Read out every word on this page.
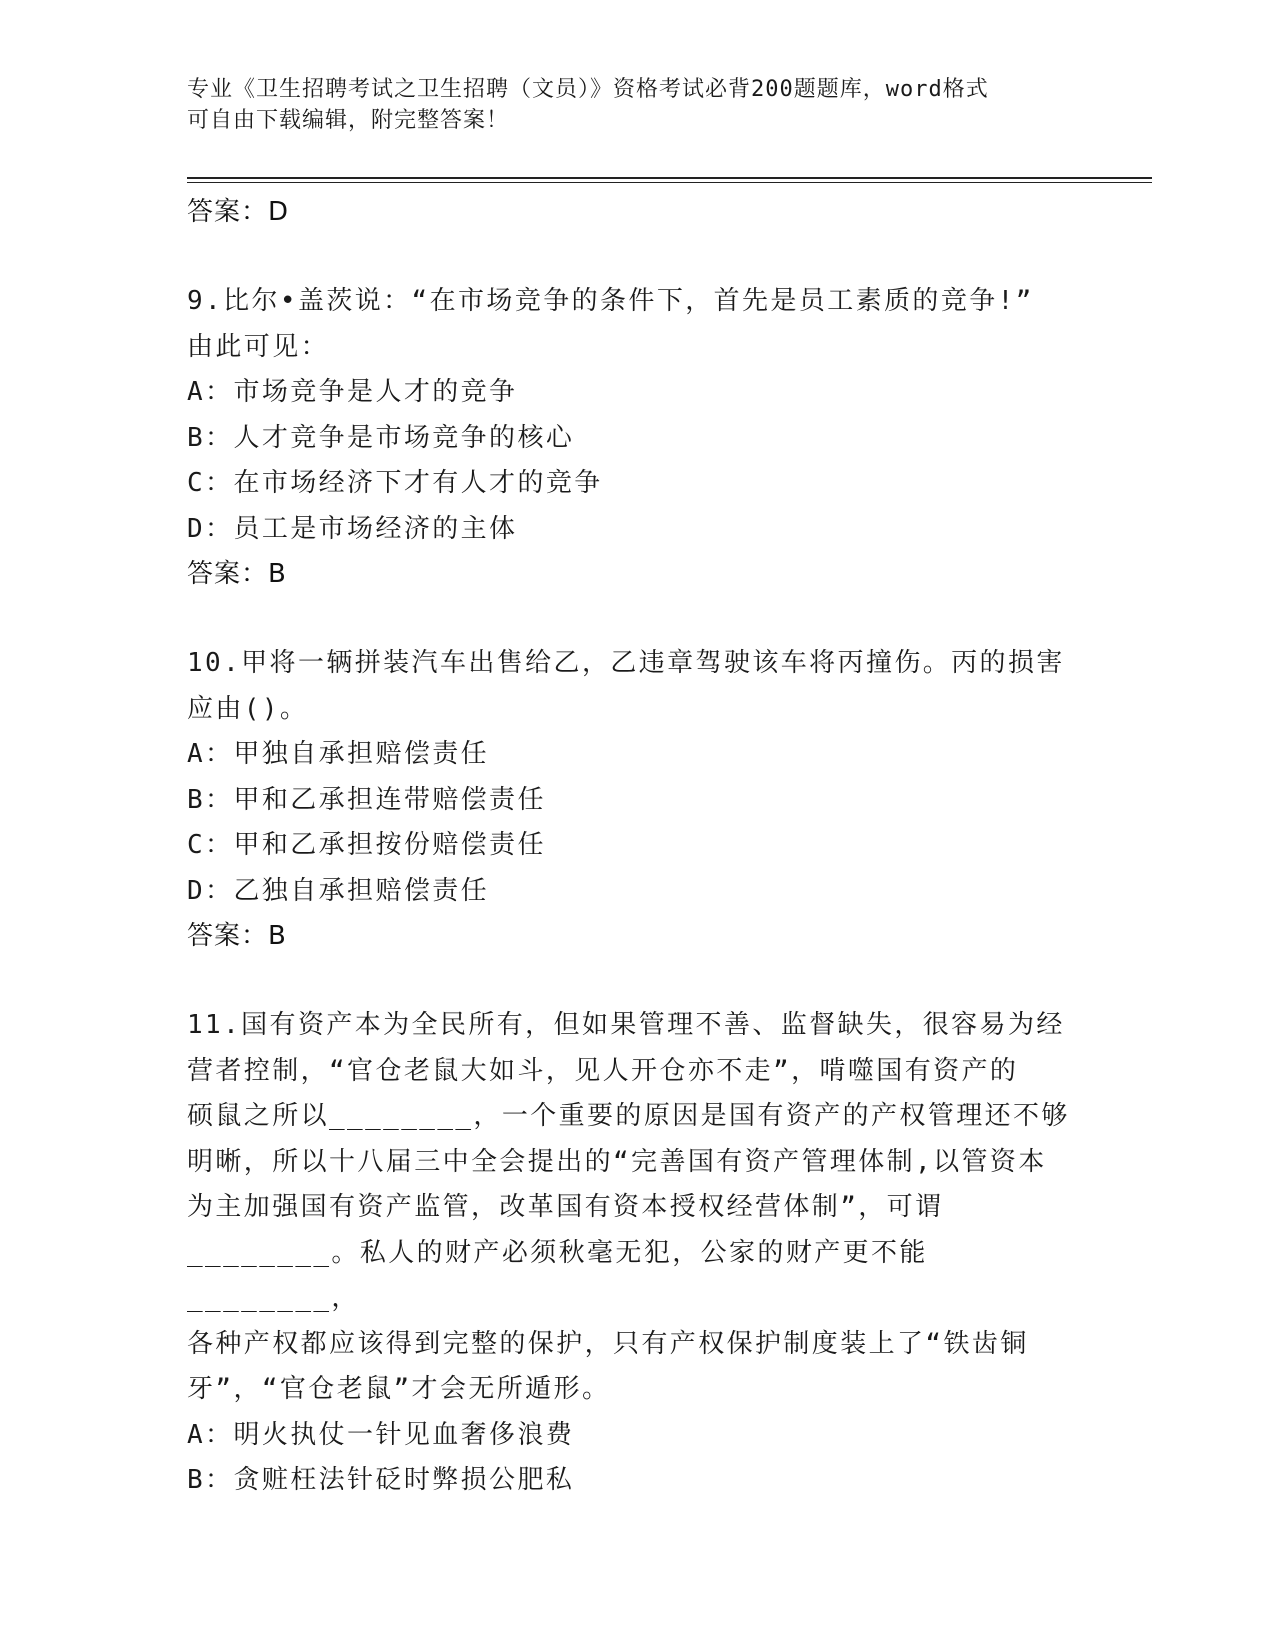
专业《卫生招聘考试之卫生招聘（文员）》资格考试必背200题题库，word格式
可自由下载编辑，附完整答案！
答案：D
9.比尔•盖茨说：“在市场竞争的条件下，首先是员工素质的竞争!”
由此可见：
A：市场竞争是人才的竞争
B：人才竞争是市场竞争的核心
C：在市场经济下才有人才的竞争
D：员工是市场经济的主体
答案：B
10.甲将一辆拼装汽车出售给乙，乙违章驾驶该车将丙撞伤。丙的损害
应由()。
A：甲独自承担赔偿责任
B：甲和乙承担连带赔偿责任
C：甲和乙承担按份赔偿责任
D：乙独自承担赔偿责任
答案：B
11.国有资产本为全民所有，但如果管理不善、监督缺失，很容易为经
营者控制，“官仓老鼠大如斗，见人开仓亦不走”，啃噬国有资产的
硕鼠之所以________，一个重要的原因是国有资产的产权管理还不够
明晰，所以十八届三中全会提出的“完善国有资产管理体制,以管资本
为主加强国有资产监管，改革国有资本授权经营体制”，可谓
________。私人的财产必须秋毫无犯，公家的财产更不能________，
各种产权都应该得到完整的保护，只有产权保护制度装上了“铁齿铜
牙”，“官仓老鼠”才会无所遁形。
A：明火执仗一针见血奢侈浪费
B：贪赃枉法针砭时弊损公肥私
